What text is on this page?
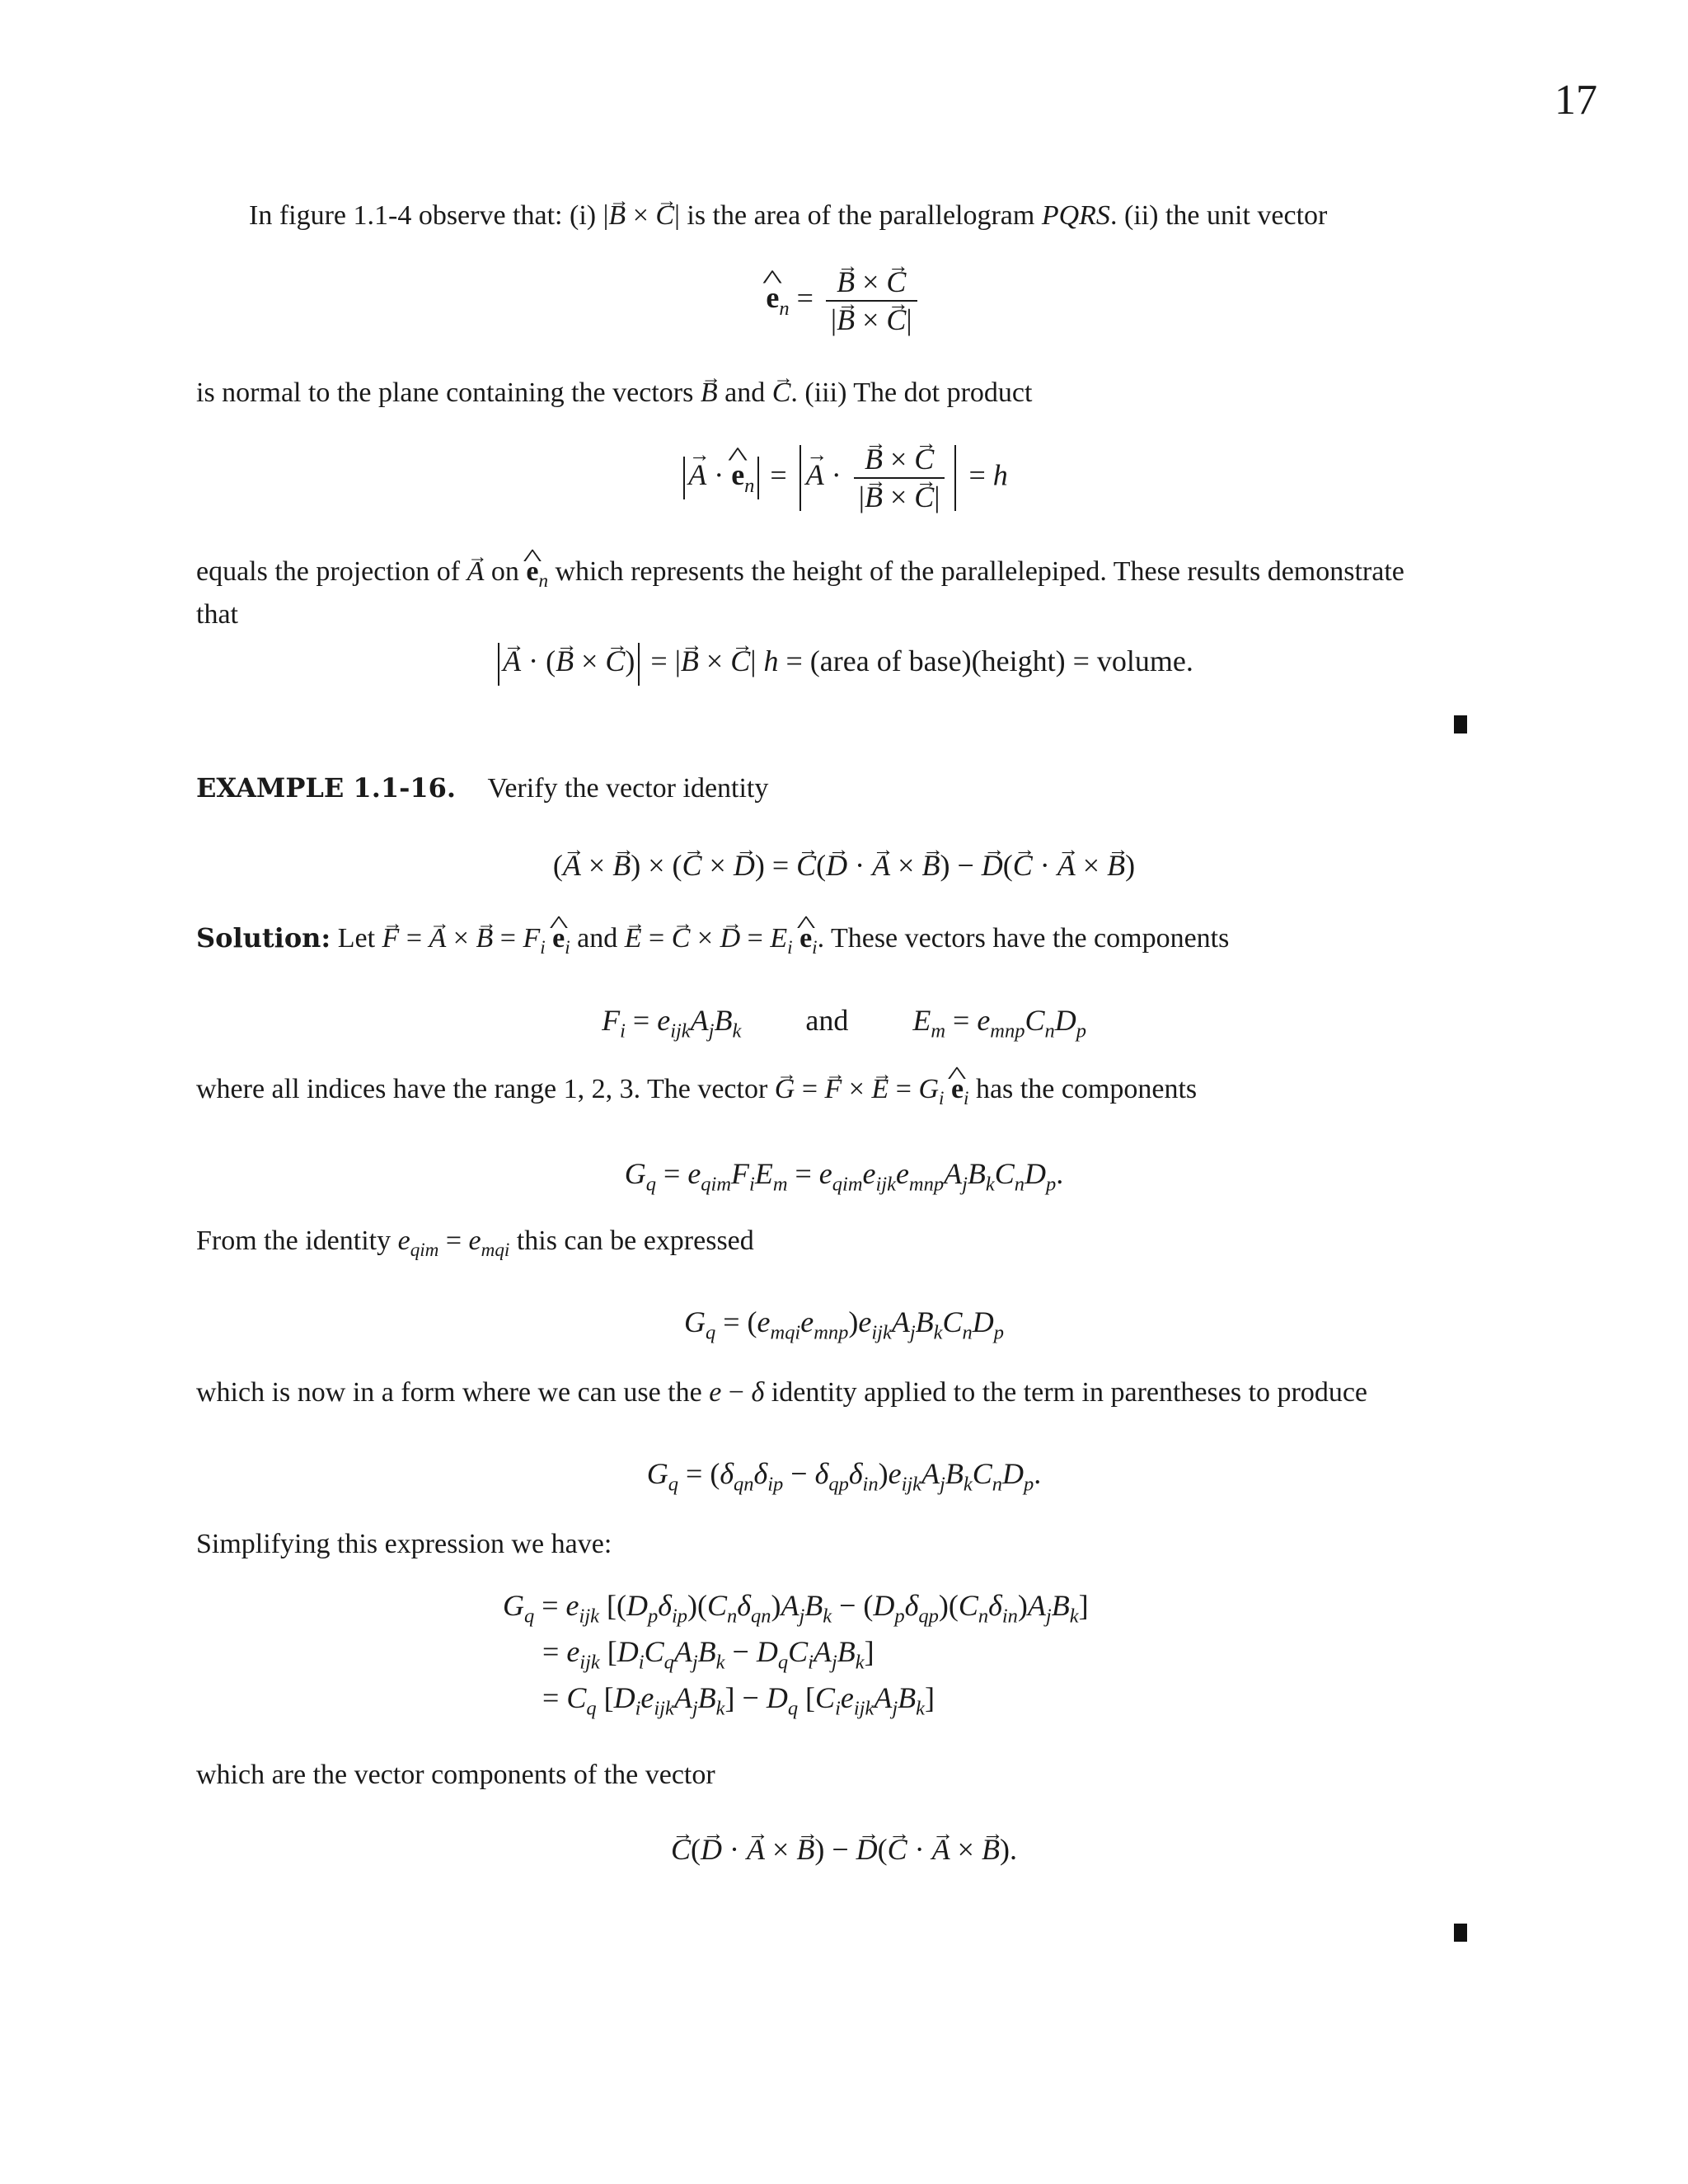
17
In figure 1.1-4 observe that: (i) |→ B × → C| is the area of the parallelogram PQRS. (ii) the unit vector
^ $e_n$ = → $\frac{B \times \to C}{|\to B \times \to C|}$
is normal to the plane containing the vectors → B and → C. (iii) The dot product
→ A · ^ $e_n$ = → A · → $\frac{B \times \to C}{|\to B \times \to C|} = h$
equals the projection of → A on ^ $e_n$ which represents the height of the parallelepiped. These results demonstrate
that
→ A · (→ B × → C) = |→ B × → C| h = (area of base)(height) = volume.
EXAMPLE 1.1-16. Verify the vector identity
(→ A × → B) × (→ C × → D) = → C(→ D · → A × → B) − → D(→ C · → A × → B)
Solution: Let → F = → A × → $B = F_i$ ^ $e_i$ and → E = → C × → $D = E_i$ ^ $e_i$. These vectors have the components
$F_i = e_{ijk}A_jB_k$ and $E_m = e_{mnp}C_nD_p$
where all indices have the range 1, 2, 3. The vector → G = → F × → $E = G_i$ ^ $e_i$ has the components
$G_q = e_{qim}F_iE_m = e_{qim}e_{ijk}e_{mnp}A_jB_kC_nD_p$.
From the identity $e_{qim} = e_{mqi}$ this can be expressed
$G_q = (e_{mqi}e_{mnp})e_{ijk}A_jB_kC_nD_p$
which is now in a form where we can use the e − δ identity applied to the term in parentheses to produce
$G_q = (\delta_{qn}\delta_{ip} - \delta_{qp}\delta_{in})e_{ijk}A_jB_kC_nD_p$.
Simplifying this expression we have:
$G_q = e_{ijk}$ $[(D_p\delta_{ip})(C_n\delta_{qn})A_jB_k - (D_p\delta_{qp})(C_n\delta_{in})A_jB_k]$
= $e_{ijk}$ $[D_iC_qA_jB_k - D_qC_iA_jB_k]$
= $C_q$ $[D_ie_{ijk}A_jB_k] - D_q$ $[C_ie_{ijk}A_jB_k]$
which are the vector components of the vector
→ C(→ D · → A × → B) − → D(→ C · → A × → B).
